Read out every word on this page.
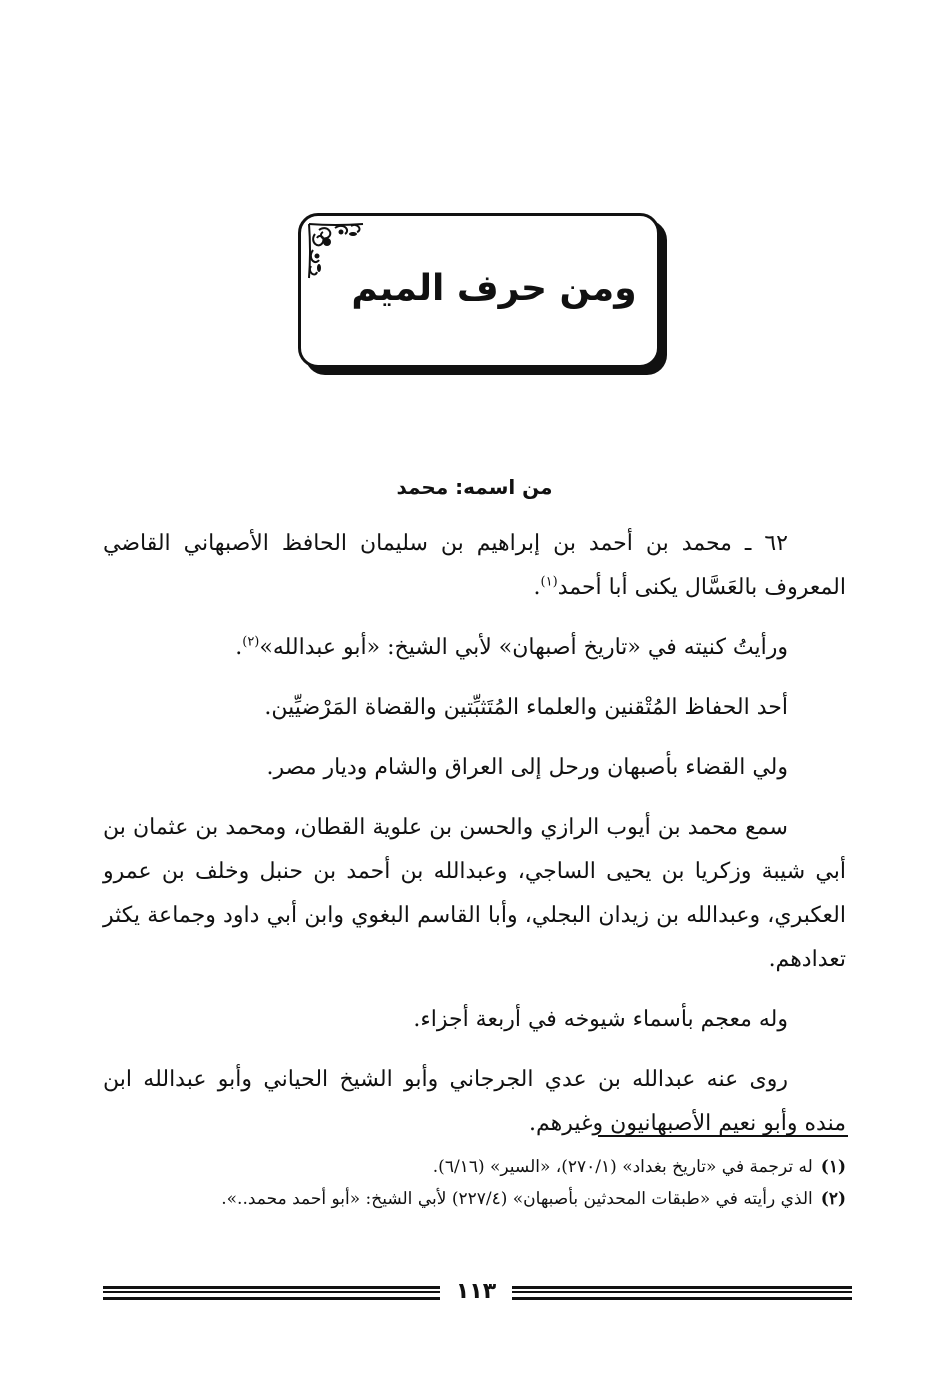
ومن حرف الميم
من اسمه: محمد

٦٢ ـ محمد بن أحمد بن إبراهيم بن سليمان الحافظ الأصبهاني القاضي المعروف بالعَسَّال يكنى أبا أحمد$^{(١)}$.

ورأيتُ كنيته في «تاريخ أصبهان» لأبي الشيخ: «أبو عبدالله»$^{(٢)}$.

أحد الحفاظ المُتْقنين والعلماء المُتَثبِّتين والقضاة المَرْضيِّين.

ولي القضاء بأصبهان ورحل إلى العراق والشام وديار مصر.

سمع محمد بن أيوب الرازي والحسن بن علوية القطان، ومحمد بن عثمان بن أبي شيبة وزكريا بن يحيى الساجي، وعبدالله بن أحمد بن حنبل وخلف بن عمرو العكبري، وعبدالله بن زيدان البجلي، وأبا القاسم البغوي وابن أبي داود وجماعة يكثر تعدادهم.

وله معجم بأسماء شيوخه في أربعة أجزاء.

روى عنه عبدالله بن عدي الجرجاني وأبو الشيخ الحياني وأبو عبدالله ابن منده وأبو نعيم الأصبهانيون وغيرهم.

(١)له ترجمة في «تاريخ بغداد» (٢٧٠/١)، «السير» (٦/١٦).
(٢)الذي رأيته في «طبقات المحدثين بأصبهان» (٢٢٧/٤) لأبي الشيخ: «أبو أحمد محمد..».
١١٣
